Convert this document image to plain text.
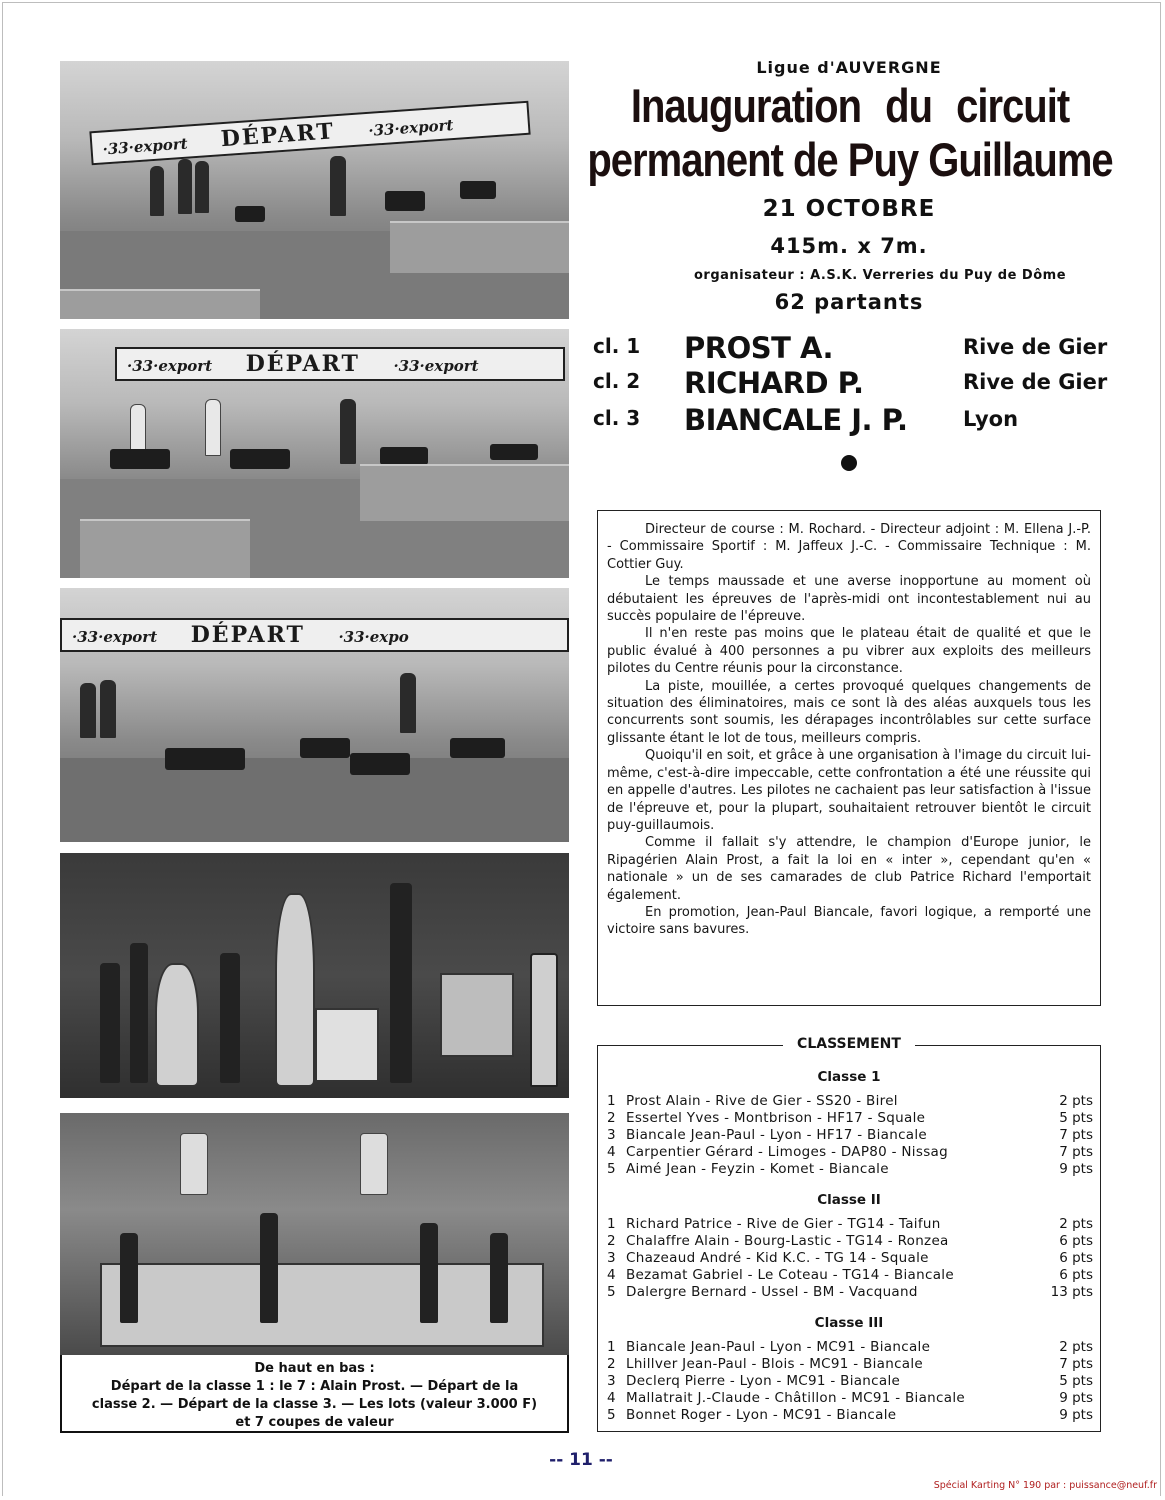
·33·export DÉPART ·33·export
·33·export DÉPART ·33·export
·33·export DÉPART ·33·expo
De haut en bas :
Départ de la classe 1 : le 7 : Alain Prost. — Départ de la
classe 2. — Départ de la classe 3. — Les lots (valeur 3.000 F)
et 7 coupes de valeur
Ligue d'AUVERGNE
Inauguration du circuit
permanent de Puy Guillaume
21 OCTOBRE
415m. x 7m.
organisateur : A.S.K. Verreries du Puy de Dôme
62 partants
cl. 1 PROST A.	Rive de Gier
cl. 2 RICHARD P.	Rive de Gier
cl. 3 BIANCALE J. P.	Lyon

Directeur de course : M. Rochard. - Directeur adjoint : M. Ellena J.-P. - Commissaire Sportif : M. Jaffeux J.-C. - Commissaire Technique : M. Cottier Guy.

Le temps maussade et une averse inopportune au moment où débutaient les épreuves de l'après-midi ont incontestablement nui au succès populaire de l'épreuve.

Il n'en reste pas moins que le plateau était de qualité et que le public évalué à 400 personnes a pu vibrer aux exploits des meilleurs pilotes du Centre réunis pour la circonstance.

La piste, mouillée, a certes provoqué quelques changements de situation des éliminatoires, mais ce sont là des aléas auxquels tous les concurrents sont soumis, les dérapages incontrôlables sur cette surface glissante étant le lot de tous, meilleurs compris.

Quoiqu'il en soit, et grâce à une organisation à l'image du circuit lui-même, c'est-à-dire impeccable, cette confrontation a été une réussite qui en appelle d'autres. Les pilotes ne cachaient pas leur satisfaction à l'issue de l'épreuve et, pour la plupart, souhaitaient retrouver bientôt le circuit puy-guillaumois.

Comme il fallait s'y attendre, le champion d'Europe junior, le Ripagérien Alain Prost, a fait la loi en « inter », cependant qu'en « nationale » un de ses camarades de club Patrice Richard l'emportait également.

En promotion, Jean-Paul Biancale, favori logique, a remporté une victoire sans bavures.

CLASSEMENT
Classe 1
1 Prost Alain - Rive de Gier - SS20 - Birel	2 pts
2 Essertel Yves - Montbrison - HF17 - Squale	5 pts
3 Biancale Jean-Paul - Lyon - HF17 - Biancale	7 pts
4 Carpentier Gérard - Limoges - DAP80 - Nissag	7 pts
5 Aimé Jean - Feyzin - Komet - Biancale	9 pts
Classe II
1 Richard Patrice - Rive de Gier - TG14 - Taifun	2 pts
2 Chalaffre Alain - Bourg-Lastic - TG14 - Ronzea	6 pts
3 Chazeaud André - Kid K.C. - TG 14 - Squale	6 pts
4 Bezamat Gabriel - Le Coteau - TG14 - Biancale	6 pts
5 Dalergre Bernard - Ussel - BM - Vacquand	13 pts
Classe III
1 Biancale Jean-Paul - Lyon - MC91 - Biancale	2 pts
2 Lhillver Jean-Paul - Blois - MC91 - Biancale	7 pts
3 Declerq Pierre - Lyon - MC91 - Biancale	5 pts
4 Mallatrait J.-Claude - Châtillon - MC91 - Biancale	9 pts
5 Bonnet Roger - Lyon - MC91 - Biancale	9 pts
-- 11 --
Spécial Karting N° 190 par : puissance@neuf.fr
